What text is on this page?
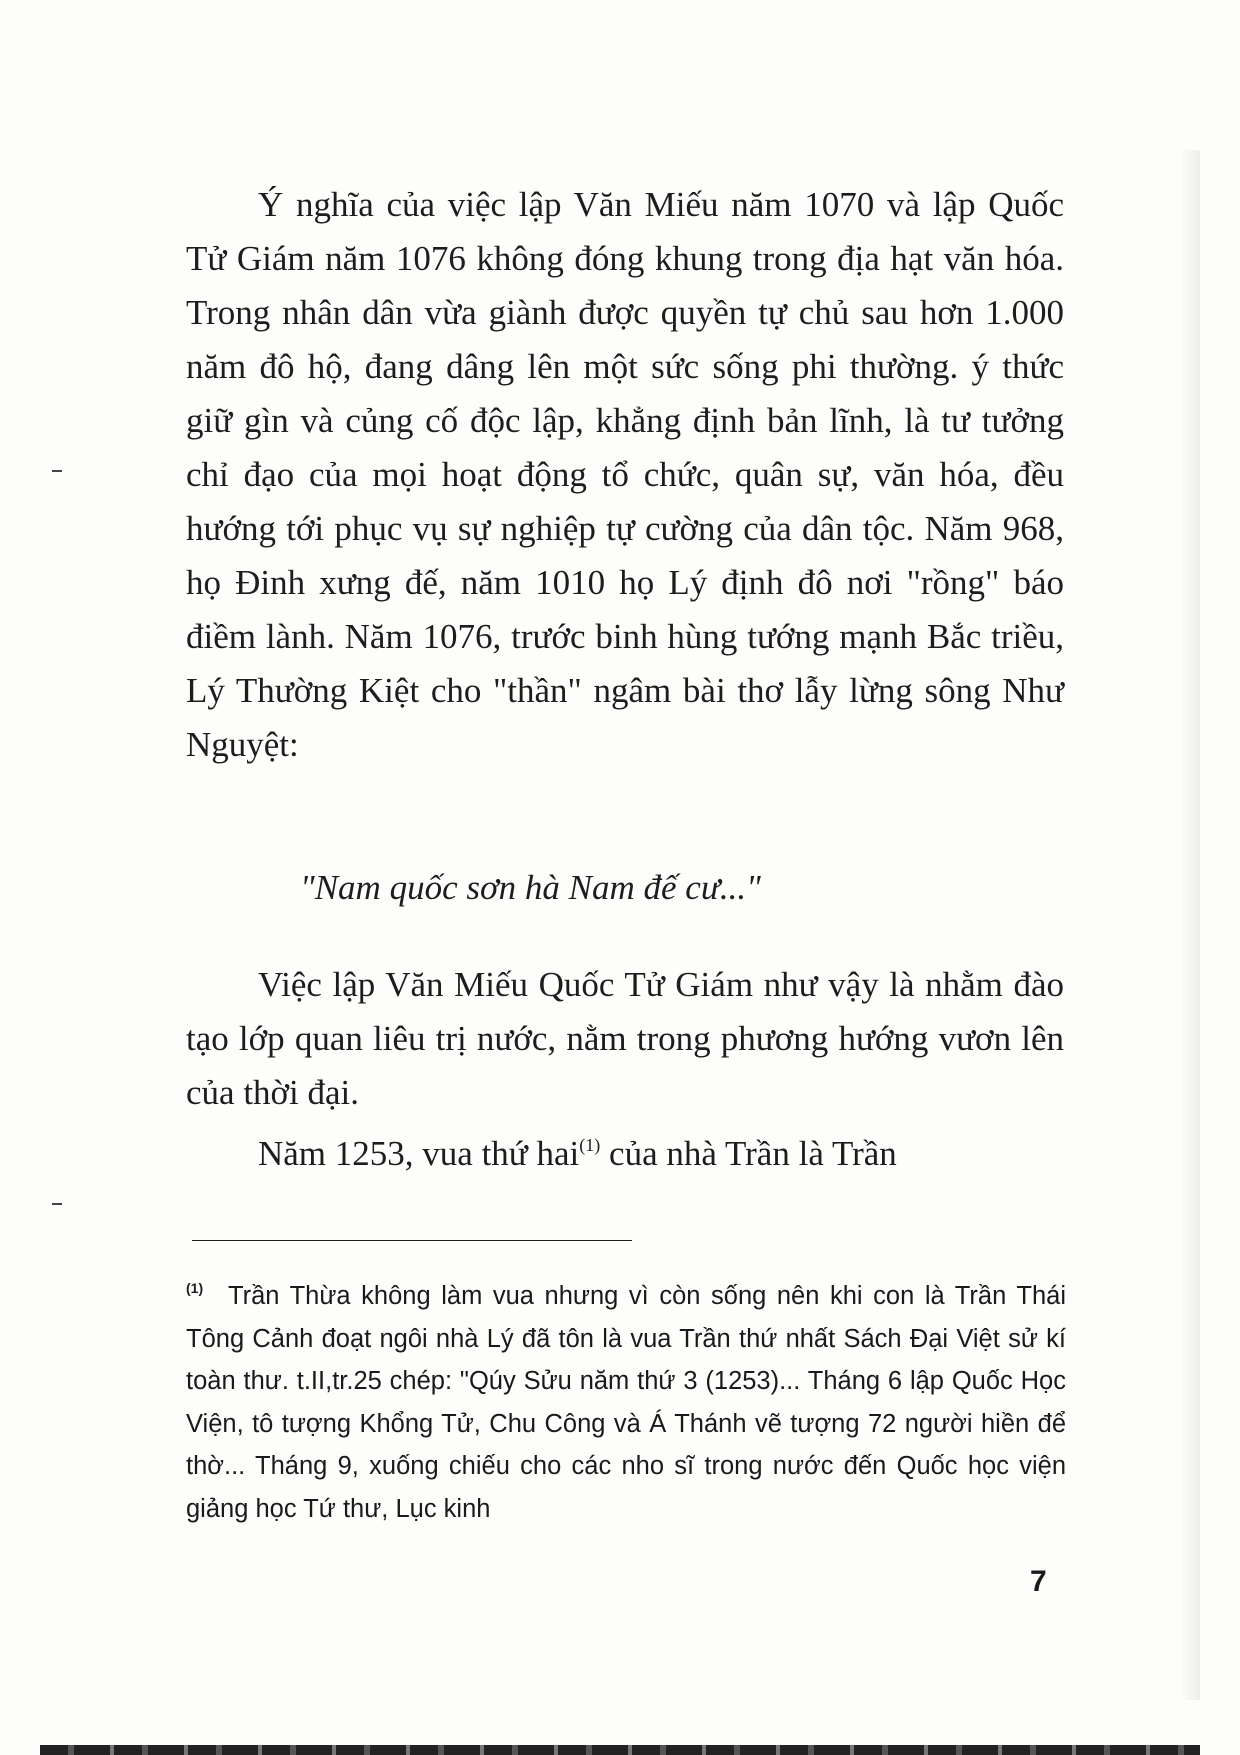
Ý nghĩa của việc lập Văn Miếu năm 1070 và lập Quốc Tử Giám năm 1076 không đóng khung trong địa hạt văn hóa. Trong nhân dân vừa giành được quyền tự chủ sau hơn 1.000 năm đô hộ, đang dâng lên một sức sống phi thường. ý thức giữ gìn và củng cố độc lập, khẳng định bản lĩnh, là tư tưởng chỉ đạo của mọi hoạt động tổ chức, quân sự, văn hóa, đều hướng tới phục vụ sự nghiệp tự cường của dân tộc. Năm 968, họ Đinh xưng đế, năm 1010 họ Lý định đô nơi "rồng" báo điềm lành. Năm 1076, trước binh hùng tướng mạnh Bắc triều, Lý Thường Kiệt cho "thần" ngâm bài thơ lẫy lừng sông Như Nguyệt:

"Nam quốc sơn hà Nam đế cư..."

Việc lập Văn Miếu Quốc Tử Giám như vậy là nhằm đào tạo lớp quan liêu trị nước, nằm trong phương hướng vươn lên của thời đại.

Năm 1253, vua thứ hai$^{(1)}$ của nhà Trần là Trần

(1) Trần Thừa không làm vua nhưng vì còn sống nên khi con là Trần Thái Tông Cảnh đoạt ngôi nhà Lý đã tôn là vua Trần thứ nhất Sách Đại Việt sử kí toàn thư. t.II,tr.25 chép: "Qúy Sửu năm thứ 3 (1253)... Tháng 6 lập Quốc Học Viện, tô tượng Khổng Tử, Chu Công và Á Thánh vẽ tượng 72 người hiền để thờ... Tháng 9, xuống chiếu cho các nho sĩ trong nước đến Quốc học viện giảng học Tứ thư, Lục kinh

7
